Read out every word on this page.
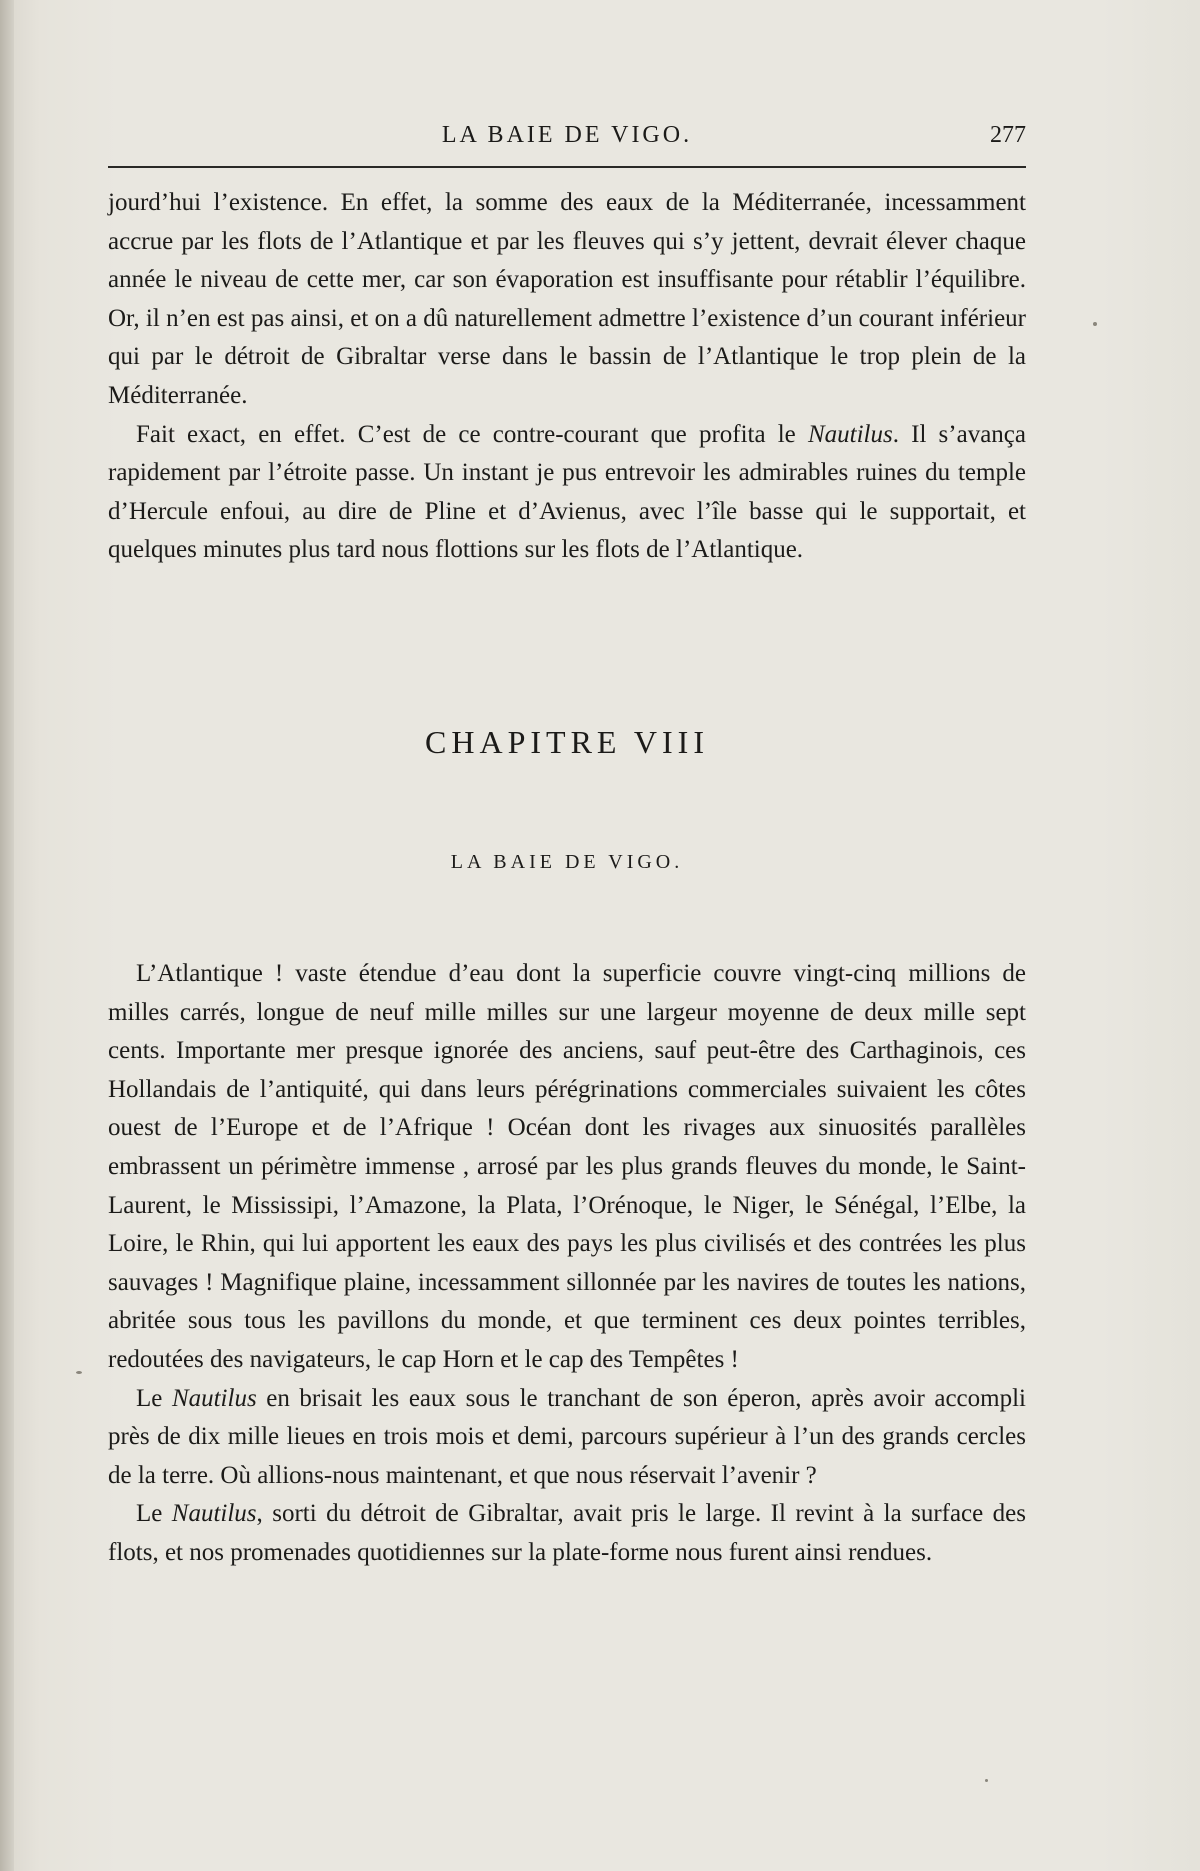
LA BAIE DE VIGO.	277

jourd’hui l’existence. En effet, la somme des eaux de la Méditerranée, incessamment accrue par les flots de l’Atlantique et par les fleuves qui s’y jettent, devrait élever chaque année le niveau de cette mer, car son évaporation est insuffisante pour rétablir l’équilibre. Or, il n’en est pas ainsi, et on a dû naturellement admettre l’existence d’un courant inférieur qui par le détroit de Gibraltar verse dans le bassin de l’Atlantique le trop plein de la Méditerranée.

Fait exact, en effet. C’est de ce contre-courant que profita le Nautilus. Il s’avança rapidement par l’étroite passe. Un instant je pus entrevoir les admirables ruines du temple d’Hercule enfoui, au dire de Pline et d’Avienus, avec l’île basse qui le supportait, et quelques minutes plus tard nous flottions sur les flots de l’Atlantique.

CHAPITRE VIII
LA BAIE DE VIGO.

L’Atlantique ! vaste étendue d’eau dont la superficie couvre vingt-cinq millions de milles carrés, longue de neuf mille milles sur une largeur moyenne de deux mille sept cents. Importante mer presque ignorée des anciens, sauf peut-être des Carthaginois, ces Hollandais de l’antiquité, qui dans leurs pérégrinations commerciales suivaient les côtes ouest de l’Europe et de l’Afrique ! Océan dont les rivages aux sinuosités parallèles embrassent un périmètre immense , arrosé par les plus grands fleuves du monde, le Saint-Laurent, le Mississipi, l’Amazone, la Plata, l’Orénoque, le Niger, le Sénégal, l’Elbe, la Loire, le Rhin, qui lui apportent les eaux des pays les plus civilisés et des contrées les plus sauvages ! Magnifique plaine, incessamment sillonnée par les navires de toutes les nations, abritée sous tous les pavillons du monde, et que terminent ces deux pointes terribles, redoutées des navigateurs, le cap Horn et le cap des Tempêtes !

Le Nautilus en brisait les eaux sous le tranchant de son éperon, après avoir accompli près de dix mille lieues en trois mois et demi, parcours supérieur à l’un des grands cercles de la terre. Où allions-nous maintenant, et que nous réservait l’avenir ?

Le Nautilus, sorti du détroit de Gibraltar, avait pris le large. Il revint à la surface des flots, et nos promenades quotidiennes sur la plate-forme nous furent ainsi rendues.
